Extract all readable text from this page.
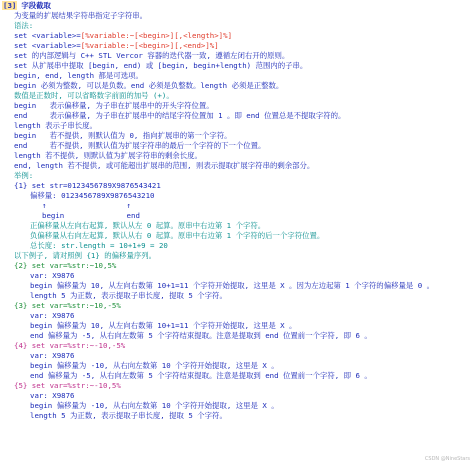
[3] 字段截取
为变量的扩展结果字符串指定子字符串。
语法:
set <variable>=[%variable:~[<begin>][,<length>]%]
set <variable>=[%variable:~[<begin>][,<end>]%]
set 的内部逻辑与 C++ STL Vercor 容器的迭代器一致, 遵循左闭右开的原则。
set 从扩展串中提取 [begin, end) 或 [begin, begin+length) 范围内的子串。
begin, end, length 都是可选项。
begin 必须为整数, 可以是负数。end 必须是负整数。length 必须是正整数。
数值是正数时, 可以省略数字前面的加号 (+)。
begin   表示偏移量, 为子串在扩展串中的开头字符位置。
end     表示偏移量, 为子串在扩展串中的结尾字符位置加 1 。即 end 位置总是不提取字符的。
length 表示子串长度。
begin   若不提供, 则默认值为 0, 指向扩展串的第一个字符。
end     若不提供, 则默认值为扩展字符串的最后一个字符的下一个位置。
length 若不提供, 则默认值为扩展字符串的剩余长度。
end, length 若不提供, 或可能超出扩展串的范围, 则表示提取扩展字符串的剩余部分。
举例:
{1} set str=0123456789X9876543421
偏移量: 0123456789X9876543210
↑                  ↑
begin              end
正偏移量从左向右起算, 默认从左 0 起算。原串中右边第 1 个字符。
负偏移量从右向左起算, 默认从右 0 起算。原串中右边第 1 个字符的后一个字符位置。
总长度: str.length = 10+1+9 = 20
以下例子, 请对照例 {1} 的偏移量序列。
{2} set var=%str:~10,5%
var: X9876
begin 偏移量为 10, 从左向右数第 10+1=11 个字符开始提取, 这里是 X 。因为左边起第 1 个字符的偏移量是 0 。
length 5 为正数, 表示提取子串长度, 提取 5 个字符。
{3} set var=%str:~10,-5%
var: X9876
begin 偏移量为 10, 从左向右数第 10+1=11 个字符开始提取, 这里是 X 。
end 偏移量为 -5, 从右向左数第 5 个字符结束提取。注意是提取到 end 位置前一个字符, 即 6 。
{4} set var=%str:~-10,-5%
var: X9876
begin 偏移量为 -10, 从右向左数第 10 个字符开始提取, 这里是 X 。
end 偏移量为 -5, 从右向左数第 5 个字符结束提取。注意是提取到 end 位置前一个字符, 即 6 。
{5} set var=%str:~-10,5%
var: X9876
begin 偏移量为 -10, 从右向左数第 10 个字符开始提取, 这里是 X 。
length 5 为正数, 表示提取子串长度, 提取 5 个字符。
CSDN @NineStars
